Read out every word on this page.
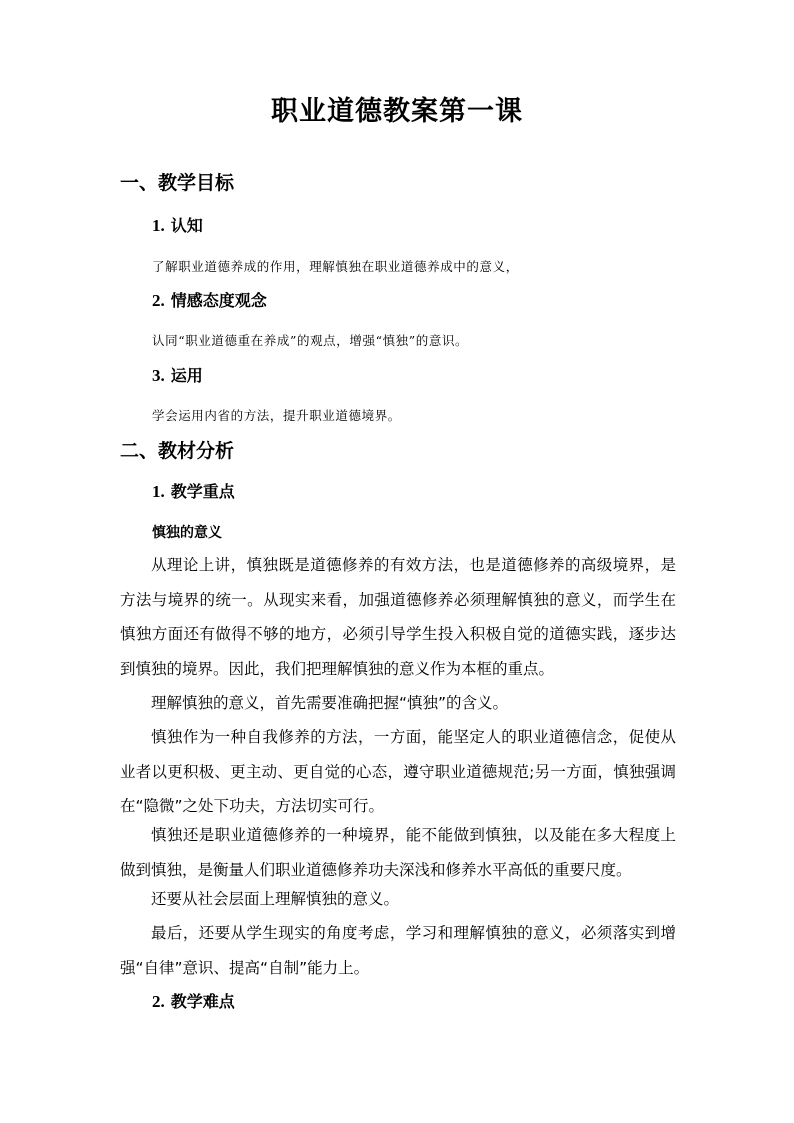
职业道德教案第一课
一、教学目标
1. 认知

了解职业道德养成的作用，理解慎独在职业道德养成中的意义，

2. 情感态度观念

认同“职业道德重在养成”的观点，增强“慎独”的意识。

3. 运用

学会运用内省的方法，提升职业道德境界。

二、教材分析
1. 教学重点
慎独的意义

从理论上讲，慎独既是道德修养的有效方法，也是道德修养的高级境界，是方法与境界的统一。从现实来看，加强道德修养必须理解慎独的意义，而学生在慎独方面还有做得不够的地方，必须引导学生投入积极自觉的道德实践，逐步达到慎独的境界。因此，我们把理解慎独的意义作为本框的重点。

理解慎独的意义，首先需要准确把握“慎独”的含义。

慎独作为一种自我修养的方法，一方面，能坚定人的职业道德信念，促使从业者以更积极、更主动、更自觉的心态，遵守职业道德规范;另一方面，慎独强调在“隐微”之处下功夫，方法切实可行。

慎独还是职业道德修养的一种境界，能不能做到慎独，以及能在多大程度上做到慎独，是衡量人们职业道德修养功夫深浅和修养水平高低的重要尺度。

还要从社会层面上理解慎独的意义。

最后，还要从学生现实的角度考虑，学习和理解慎独的意义，必须落实到增强“自律”意识、提高“自制”能力上。

2. 教学难点
